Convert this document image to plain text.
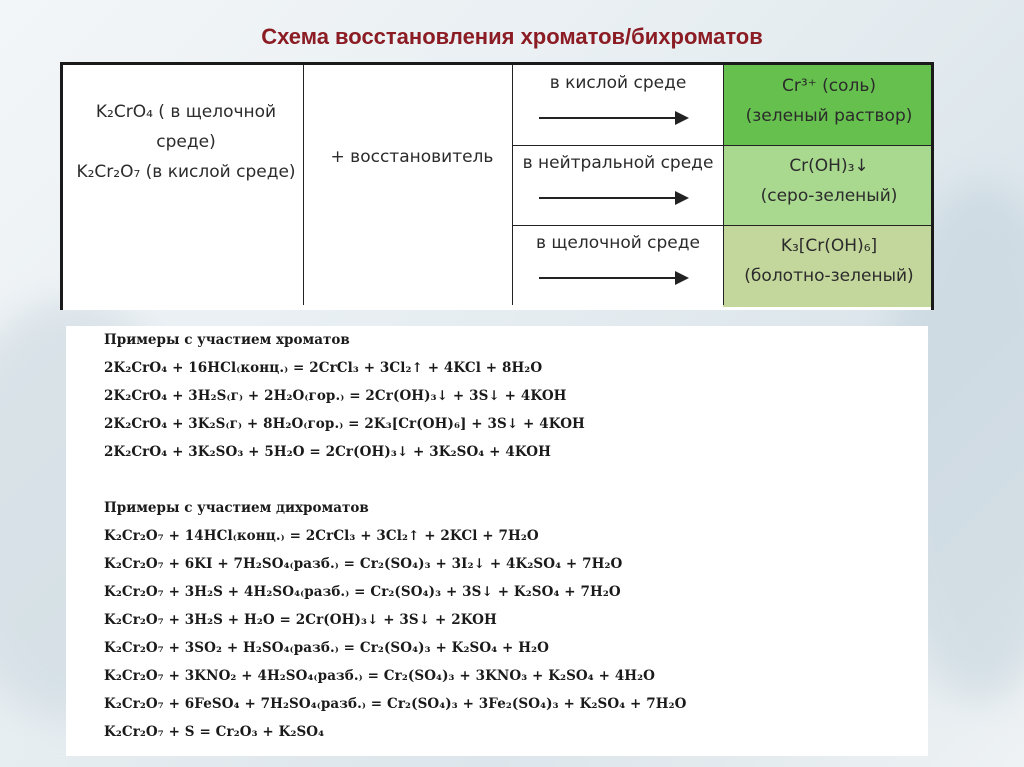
Схема восстановления хроматов/бихроматов
K₂CrO₄ ( в щелочной
среде)
K₂Cr₂O₇ (в кислой среде)
+ восстановитель
в кислой среде
в нейтральной среде
в щелочной среде
Cr³⁺ (соль)
(зеленый раствор)
Cr(OH)₃↓
(серо-зеленый)
K₃[Cr(OH)₆]
(болотно-зеленый)
Примеры с участием хроматов
2K₂CrO₄ + 16HCl₍конц.₎ = 2CrCl₃ + 3Cl₂↑ + 4KCl + 8H₂O
2K₂CrO₄ + 3H₂S₍г₎ + 2H₂O₍гор.₎ = 2Cr(OH)₃↓ + 3S↓ + 4KOH
2K₂CrO₄ + 3K₂S₍г₎ + 8H₂O₍гор.₎ = 2K₃[Cr(OH)₆] + 3S↓ + 4KOH
2K₂CrO₄ + 3K₂SO₃ + 5H₂O = 2Cr(OH)₃↓ + 3K₂SO₄ + 4KOH
Примеры с участием дихроматов
K₂Cr₂O₇ + 14HCl₍конц.₎ = 2CrCl₃ + 3Cl₂↑ + 2KCl + 7H₂O
K₂Cr₂O₇ + 6KI + 7H₂SO₄₍разб.₎ = Cr₂(SO₄)₃ + 3I₂↓ + 4K₂SO₄ + 7H₂O
K₂Cr₂O₇ + 3H₂S + 4H₂SO₄₍разб.₎ = Cr₂(SO₄)₃ + 3S↓ + K₂SO₄ + 7H₂O
K₂Cr₂O₇ + 3H₂S + H₂O = 2Cr(OH)₃↓ + 3S↓ + 2KOH
K₂Cr₂O₇ + 3SO₂ + H₂SO₄₍разб.₎ = Cr₂(SO₄)₃ + K₂SO₄ + H₂O
K₂Cr₂O₇ + 3KNO₂ + 4H₂SO₄₍разб.₎ = Cr₂(SO₄)₃ + 3KNO₃ + K₂SO₄ + 4H₂O
K₂Cr₂O₇ + 6FeSO₄ + 7H₂SO₄₍разб.₎ = Cr₂(SO₄)₃ + 3Fe₂(SO₄)₃ + K₂SO₄ + 7H₂O
K₂Cr₂O₇ + S = Cr₂O₃ + K₂SO₄
